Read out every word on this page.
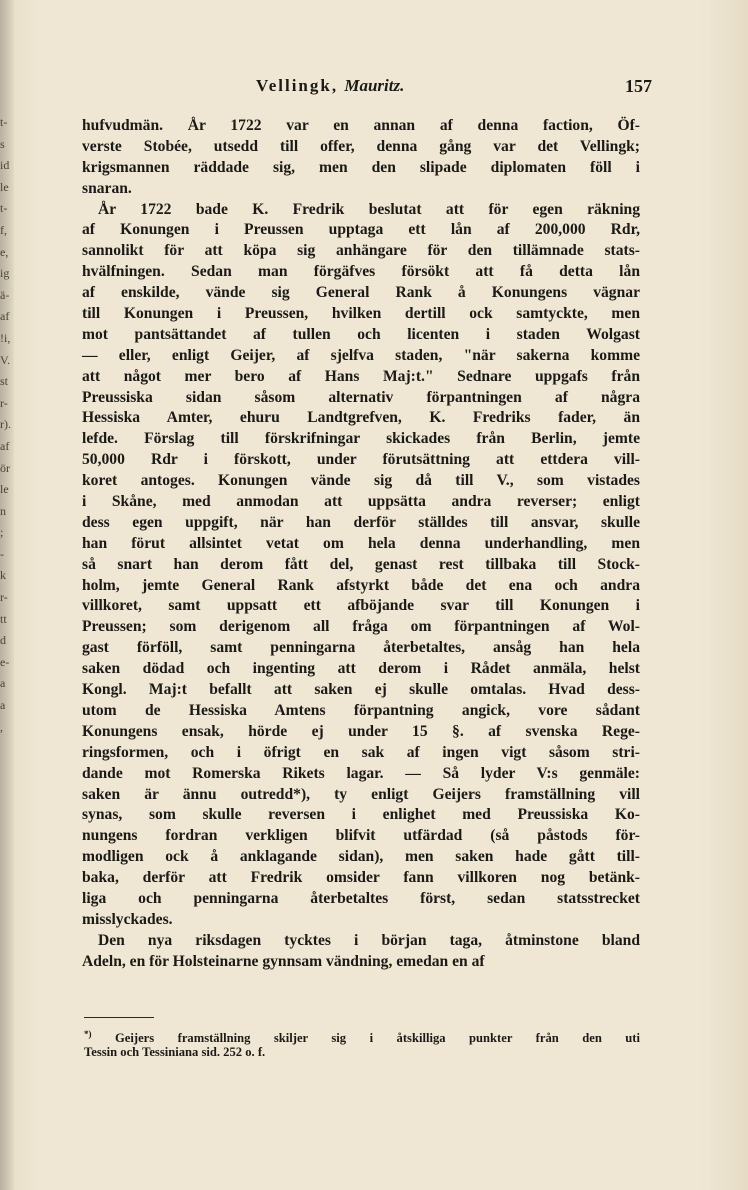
t-
s
id
le
t-
f,
e,
ig
ä-
af
!i,
V.
st
r-
r).
af
ör
le
n
;
-
k
r-
tt
d
e-
a
a
,
Vellingk, Mauritz.	157
hufvudmän. År 1722 var en annan af denna faction, Öf-
verste Stobée, utsedd till offer, denna gång var det Vellingk;
krigsmannen räddade sig, men den slipade diplomaten föll i
snaran.
År 1722 bade K. Fredrik beslutat att för egen räkning
af Konungen i Preussen upptaga ett lån af 200,000 Rdr,
sannolikt för att köpa sig anhängare för den tillämnade stats-
hvälfningen. Sedan man förgäfves försökt att få detta lån
af enskilde, vände sig General Rank å Konungens vägnar
till Konungen i Preussen, hvilken dertill ock samtyckte, men
mot pantsättandet af tullen och licenten i staden Wolgast
— eller, enligt Geijer, af sjelfva staden, "när sakerna komme
att något mer bero af Hans Maj:t." Sednare uppgafs från
Preussiska sidan såsom alternativ förpantningen af några
Hessiska Amter, ehuru Landtgrefven, K. Fredriks fader, än
lefde. Förslag till förskrifningar skickades från Berlin, jemte
50,000 Rdr i förskott, under förutsättning att ettdera vill-
koret antoges. Konungen vände sig då till V., som vistades
i Skåne, med anmodan att uppsätta andra reverser; enligt
dess egen uppgift, när han derför ställdes till ansvar, skulle
han förut allsintet vetat om hela denna underhandling, men
så snart han derom fått del, genast rest tillbaka till Stock-
holm, jemte General Rank afstyrkt både det ena och andra
villkoret, samt uppsatt ett afböjande svar till Konungen i
Preussen; som derigenom all fråga om förpantningen af Wol-
gast förföll, samt penningarna återbetaltes, ansåg han hela
saken dödad och ingenting att derom i Rådet anmäla, helst
Kongl. Maj:t befallt att saken ej skulle omtalas. Hvad dess-
utom de Hessiska Amtens förpantning angick, vore sådant
Konungens ensak, hörde ej under 15 §. af svenska Rege-
ringsformen, och i öfrigt en sak af ingen vigt såsom stri-
dande mot Romerska Rikets lagar. — Så lyder V:s genmäle:
saken är ännu outredd*), ty enligt Geijers framställning vill
synas, som skulle reversen i enlighet med Preussiska Ko-
nungens fordran verkligen blifvit utfärdad (så påstods för-
modligen ock å anklagande sidan), men saken hade gått till-
baka, derför att Fredrik omsider fann villkoren nog betänk-
liga och penningarna återbetaltes först, sedan statsstrecket
misslyckades.
Den nya riksdagen tycktes i början taga, åtminstone bland
Adeln, en för Holsteinarne gynnsam vändning, emedan en af
*) Geijers framställning skiljer sig i åtskilliga punkter från den uti
Tessin och Tessiniana sid. 252 o. f.
